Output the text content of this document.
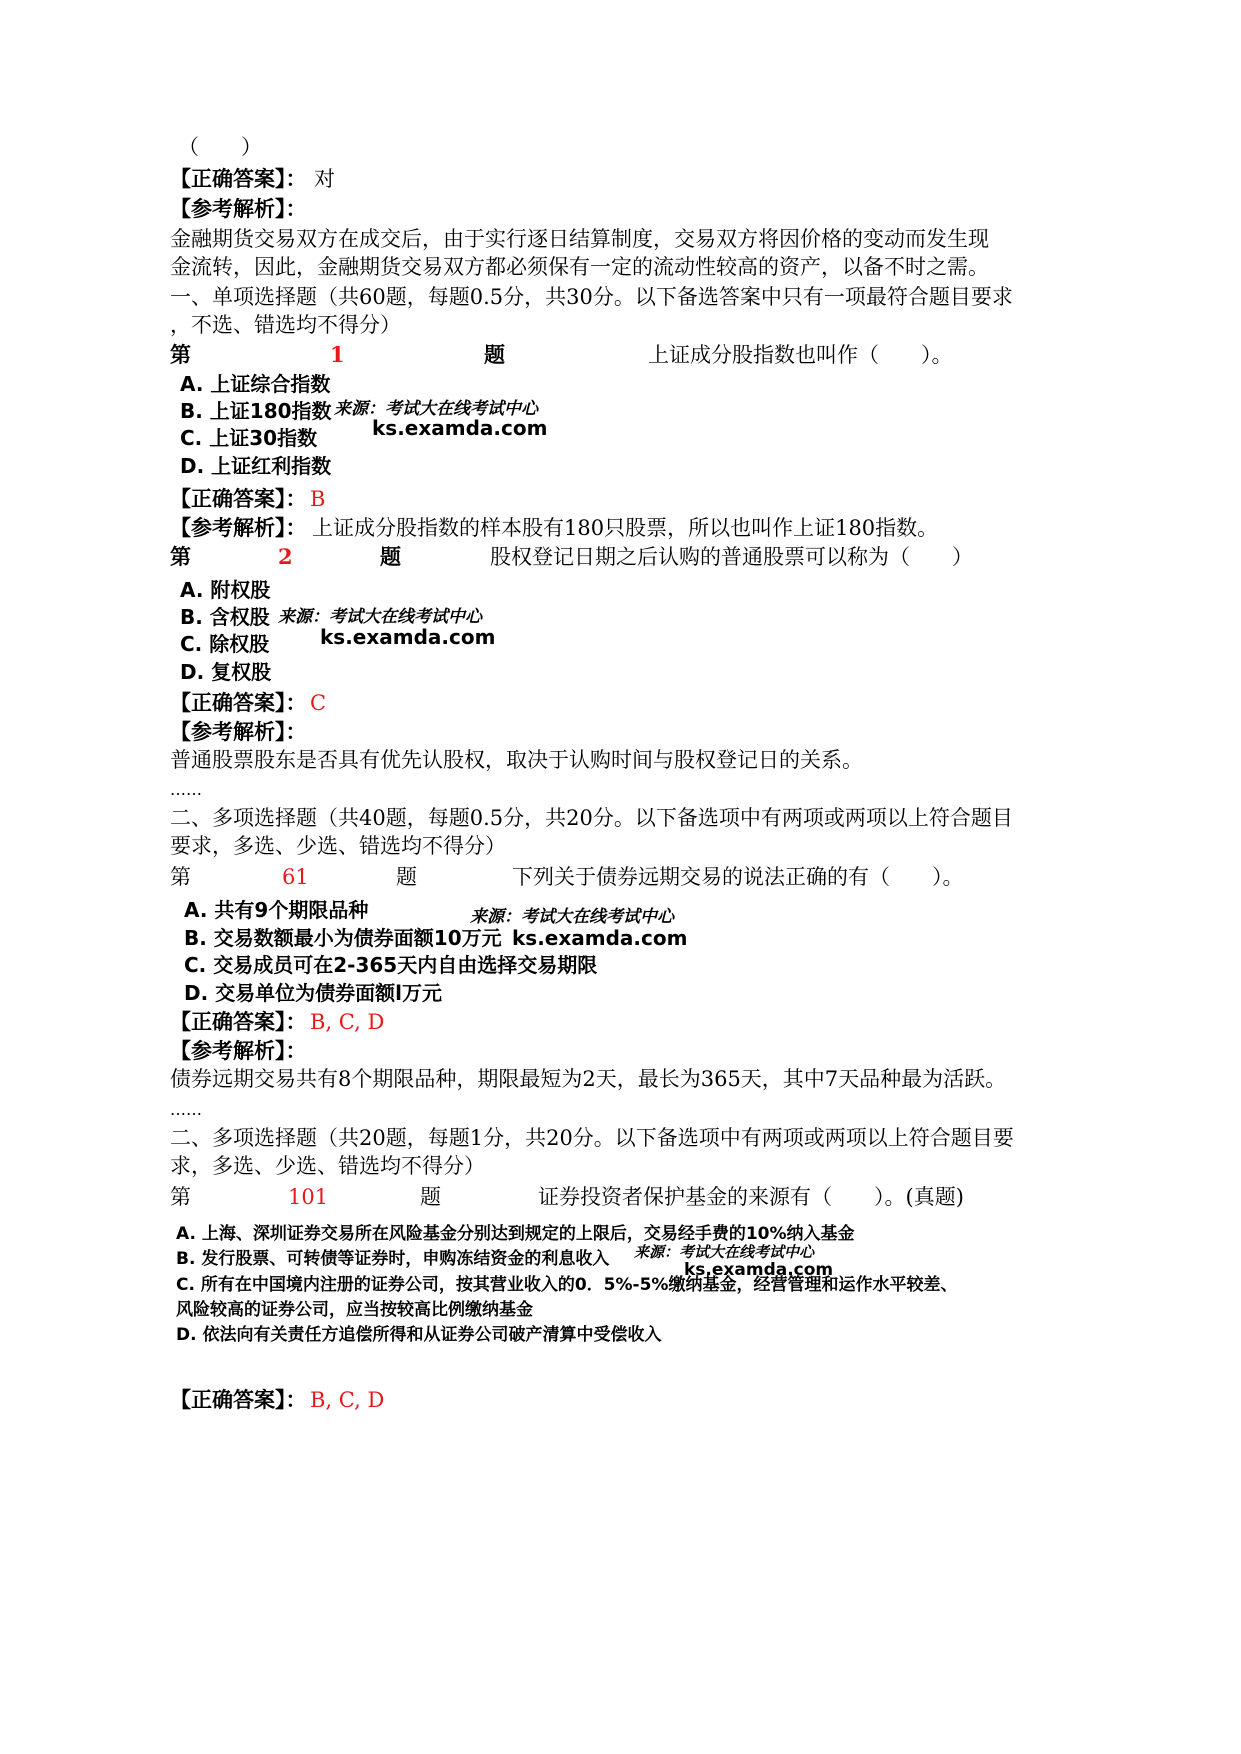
（　　）
【正确答案】： 对
【参考解析】：
金融期货交易双方在成交后，由于实行逐日结算制度，交易双方将因价格的变动而发生现
金流转，因此，金融期货交易双方都必须保有一定的流动性较高的资产，以备不时之需。
一、单项选择题（共60题，每题0.5分，共30分。以下备选答案中只有一项最符合题目要求
，不选、错选均不得分）
第	1	题	上证成分股指数也叫作（　　）。
A. 上证综合指数
B. 上证180指数
C. 上证30指数
D. 上证红利指数
来源：考试大在线考试中心
ks.examda.com
【正确答案】： B
【参考解析】： 上证成分股指数的样本股有180只股票，所以也叫作上证180指数。
第	2	题	股权登记日期之后认购的普通股票可以称为（　　）
A. 附权股
B. 含权股
C. 除权股
D. 复权股
来源：考试大在线考试中心
ks.examda.com
【正确答案】： C
【参考解析】：
普通股票股东是否具有优先认股权，取决于认购时间与股权登记日的关系。
……
二、多项选择题（共40题，每题0.5分，共20分。以下备选项中有两项或两项以上符合题目
要求，多选、少选、错选均不得分）
第	61	题	下列关于债券远期交易的说法正确的有（　　）。
A. 共有9个期限品种
B. 交易数额最小为债券面额10万元
C. 交易成员可在2-365天内自由选择交易期限
D. 交易单位为债券面额l万元
来源：考试大在线考试中心
ks.examda.com
【正确答案】： B, C, D
【参考解析】：
债券远期交易共有8个期限品种，期限最短为2天，最长为365天，其中7天品种最为活跃。
……
二、多项选择题（共20题，每题1分，共20分。以下备选项中有两项或两项以上符合题目要
求，多选、少选、错选均不得分）
第	101	题	证券投资者保护基金的来源有（　　）。(真题)
A. 上海、深圳证券交易所在风险基金分别达到规定的上限后，交易经手费的10%纳入基金
B. 发行股票、可转债等证券时，申购冻结资金的利息收入
C. 所有在中国境内注册的证券公司，按其营业收入的0．5%-5%缴纳基金，经营管理和运作水平较差、
风险较高的证券公司，应当按较高比例缴纳基金
D. 依法向有关责任方追偿所得和从证券公司破产清算中受偿收入
来源：考试大在线考试中心
ks.examda.com
【正确答案】： B, C, D
